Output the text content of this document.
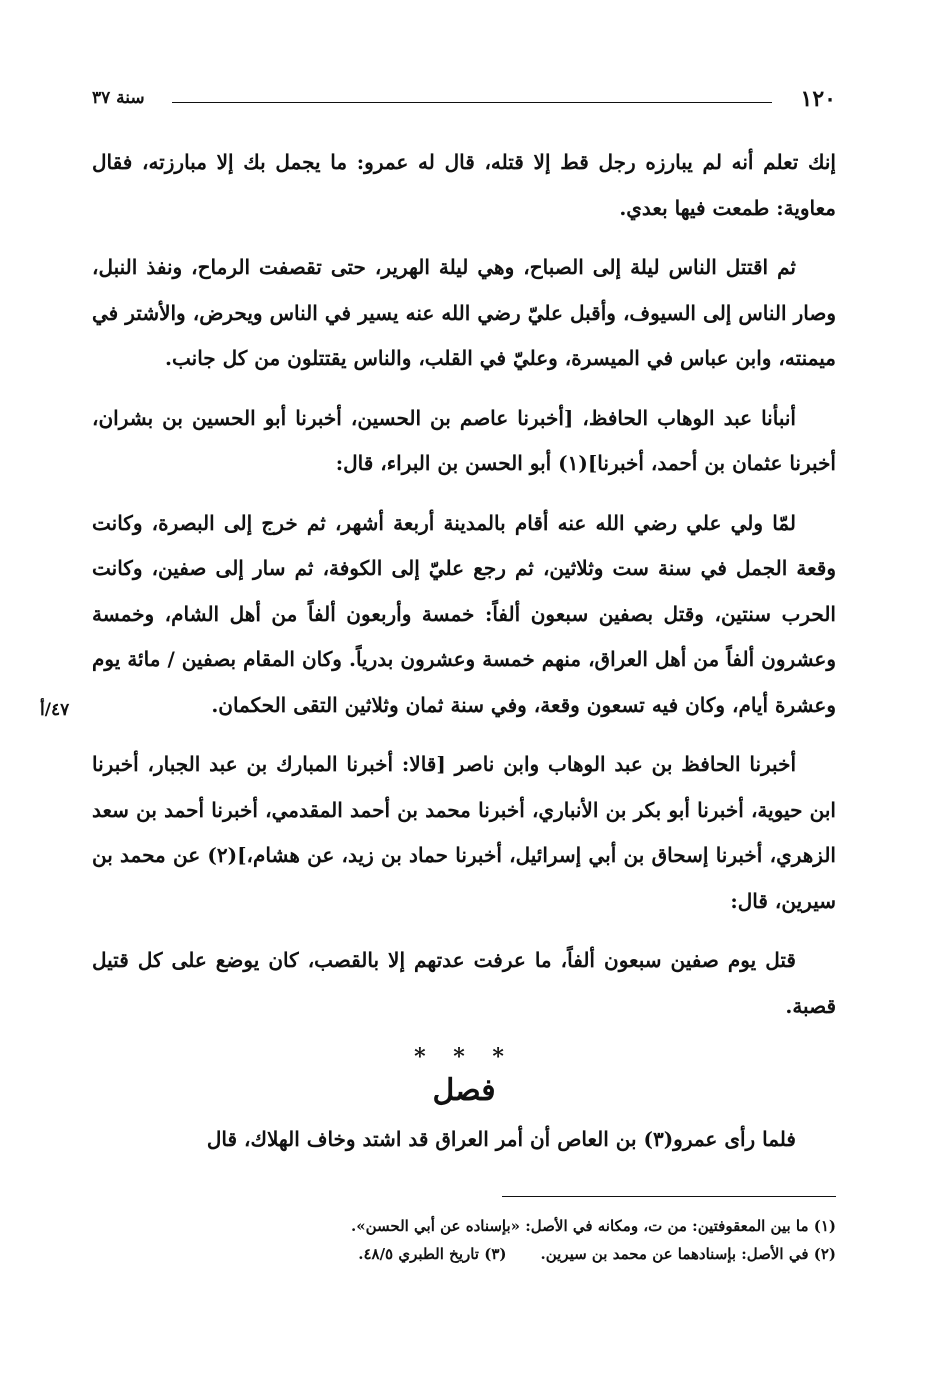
١٢٠
سنة ٣٧

إنك تعلم أنه لم يبارزه رجل قط إلا قتله، قال له عمرو: ما يجمل بك إلا مبارزته، فقال معاوية: طمعت فيها بعدي.

ثم اقتتل الناس ليلة إلى الصباح، وهي ليلة الهرير، حتى تقصفت الرماح، ونفذ النبل، وصار الناس إلى السيوف، وأقبل عليّ رضي الله عنه يسير في الناس ويحرض، والأشتر في ميمنته، وابن عباس في الميسرة، وعليّ في القلب، والناس يقتتلون من كل جانب.

أنبأنا عبد الوهاب الحافظ، [أخبرنا عاصم بن الحسين، أخبرنا أبو الحسين بن بشران، أخبرنا عثمان بن أحمد، أخبرنا](١) أبو الحسن بن البراء، قال:

لمّا ولي علي رضي الله عنه أقام بالمدينة أربعة أشهر، ثم خرج إلى البصرة، وكانت وقعة الجمل في سنة ست وثلاثين، ثم رجع عليّ إلى الكوفة، ثم سار إلى صفين، وكانت الحرب سنتين، وقتل بصفين سبعون ألفاً: خمسة وأربعون ألفاً من أهل الشام، وخمسة وعشرون ألفاً من أهل العراق، منهم خمسة وعشرون بدرياً. وكان المقام بصفين / مائة يوم وعشرة أيام، وكان فيه تسعون وقعة، وفي سنة ثمان وثلاثين التقى الحكمان.

أخبرنا الحافظ بن عبد الوهاب وابن ناصر [قالا: أخبرنا المبارك بن عبد الجبار، أخبرنا ابن حيوية، أخبرنا أبو بكر بن الأنباري، أخبرنا محمد بن أحمد المقدمي، أخبرنا أحمد بن سعد الزهري، أخبرنا إسحاق بن أبي إسرائيل، أخبرنا حماد بن زيد، عن هشام،](٢) عن محمد بن سيرين، قال:

قتل يوم صفين سبعون ألفاً، ما عرفت عدتهم إلا بالقصب، كان يوضع على كل قتيل قصبة.

* * *
فصل

فلما رأى عمرو(٣) بن العاص أن أمر العراق قد اشتد وخاف الهلاك، قال

٤٧/أ
(١) ما بين المعقوفتين: من ت، ومكانه في الأصل: «بإسناده عن أبي الحسن».
(٢) في الأصل: بإسنادهما عن محمد بن سيرين.
(٣) تاريخ الطبري ٤٨/٥.
